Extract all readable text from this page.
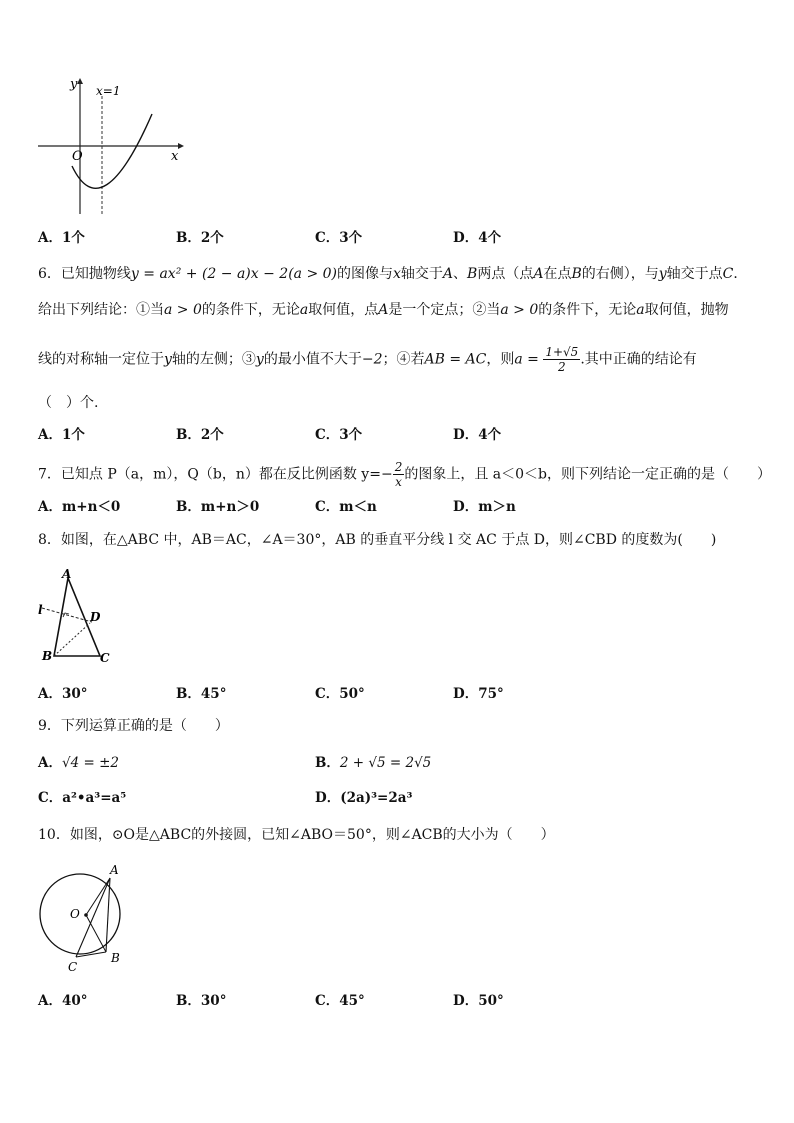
y
x
O
x=1
A．1个	B．2个	C．3个	D．4个
6．已知抛物线y = ax² + (2 − a)x − 2(a > 0)的图像与x轴交于A、B两点（点A在点B的右侧），与y轴交于点C．
给出下列结论：①当a > 0的条件下，无论a取何值，点A是一个定点；②当a > 0的条件下，无论a取何值，抛物
线的对称轴一定位于y轴的左侧；③y的最小值不大于−2；④若AB = AC，则$a = \frac{1+√5}{2}$ .其中正确的结论有
（　）个.
A．1个	B．2个	C．3个	D．4个
7．已知点 P（a，m），Q（b，n）都在反比例函数 $y=- \frac{2}{x}$ 的图象上，且 a＜0＜b，则下列结论一定正确的是（　　）
A．m+n＜0	B．m+n＞0	C．m＜n	D．m＞n
8．如图，在△ABC 中，AB＝AC，∠A＝30°，AB 的垂直平分线 l 交 AC 于点 D，则∠CBD 的度数为(　　)
A
B	C
D
l
A．30°	B．45°	C．50°	D．75°
9．下列运算正确的是（　　）
A．√4 = ±2	B．2 + √5 = 2√5
C．a²•a³=a⁵	D．(2a)³=2a³
10．如图，⊙O是△ABC的外接圆，已知∠ABO＝50°，则∠ACB的大小为（　　）
A
B
C
O
A．40°	B．30°	C．45°	D．50°
